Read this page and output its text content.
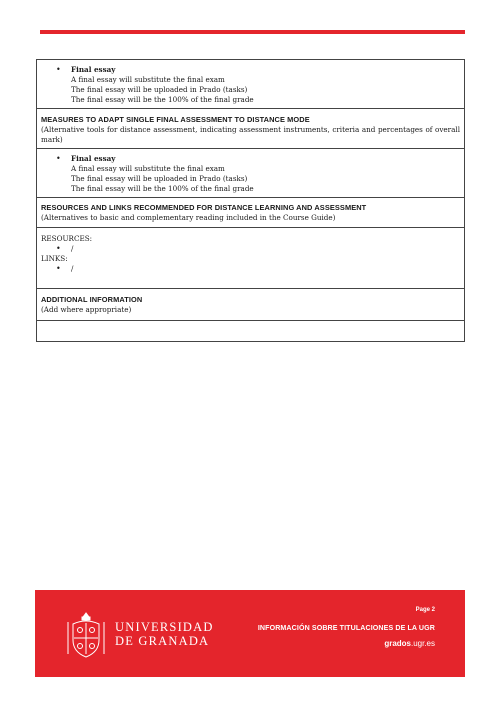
• Final essay
A final essay will substitute the final exam
The final essay will be uploaded in Prado (tasks)
The final essay will be the 100% of the final grade

MEASURES TO ADAPT SINGLE FINAL ASSESSMENT TO DISTANCE MODE
(Alternative tools for distance assessment, indicating assessment instruments, criteria and percentages of overall mark)

• Final essay
A final essay will substitute the final exam
The final essay will be uploaded in Prado (tasks)
The final essay will be the 100% of the final grade

RESOURCES AND LINKS RECOMMENDED FOR DISTANCE LEARNING AND ASSESSMENT
(Alternatives to basic and complementary reading included in the Course Guide)

RESOURCES:
• /
LINKS:
• /

ADDITIONAL INFORMATION
(Add where appropriate)

UNIVERSIDAD
DE GRANADA
Page 2
INFORMACIÓN SOBRE TITULACIONES DE LA UGR
grados.ugr.es
